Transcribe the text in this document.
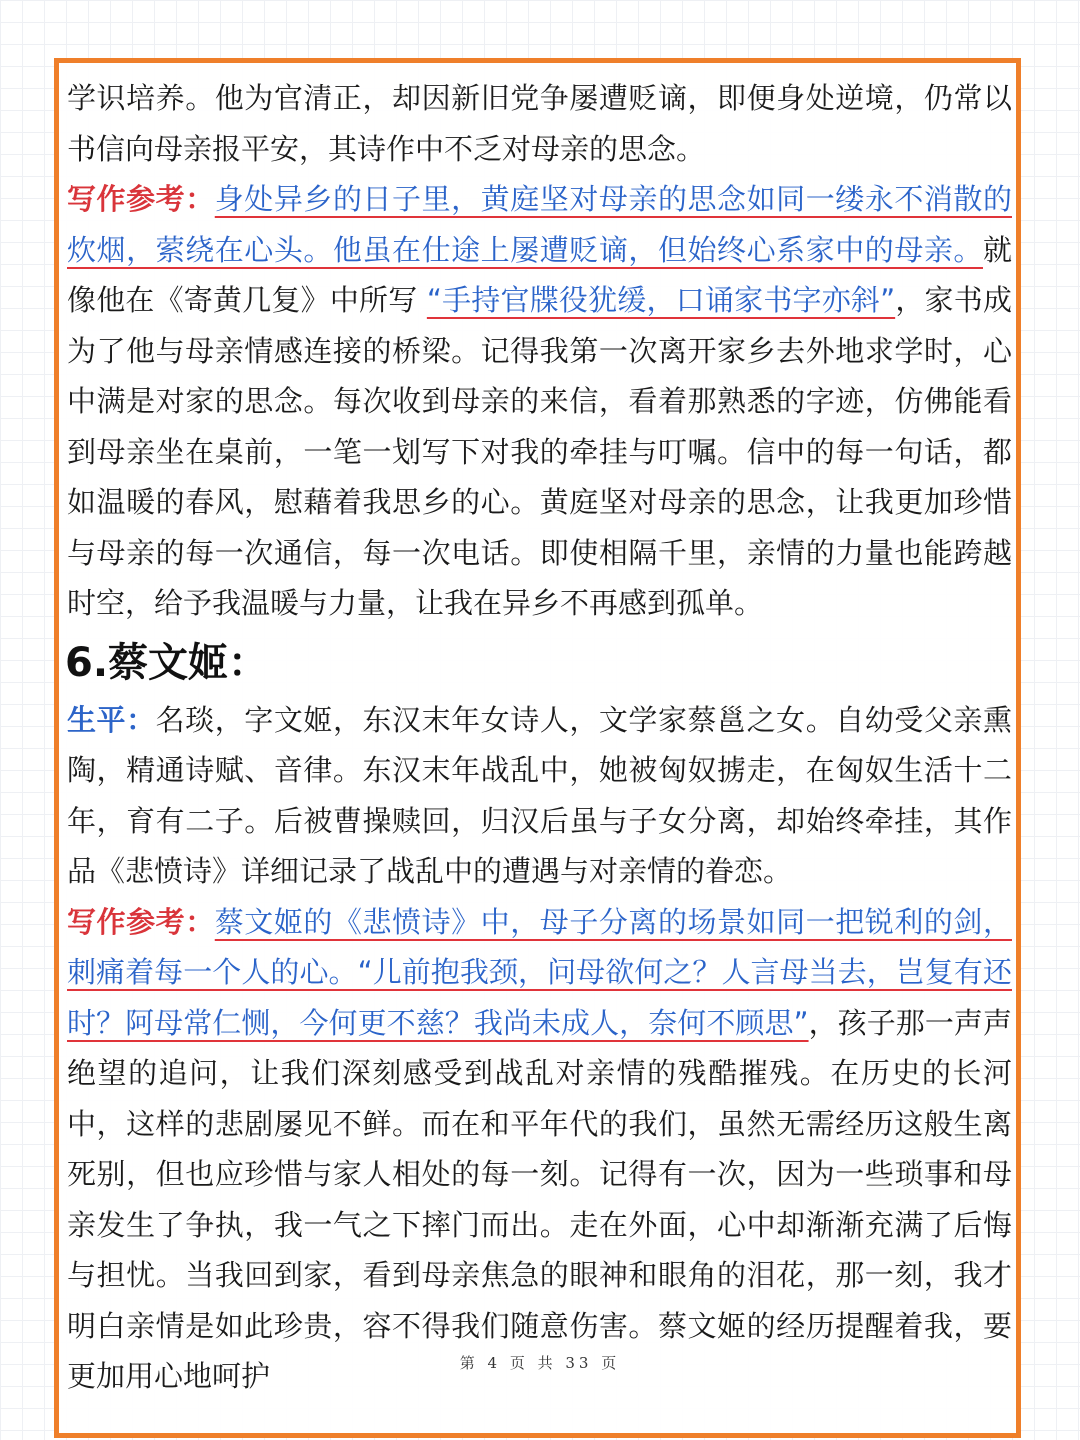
学识培养。他为官清正，却因新旧党争屡遭贬谪，即便身处逆境，仍常以书信向母亲报平安，其诗作中不乏对母亲的思念。

写作参考：身处异乡的日子里，黄庭坚对母亲的思念如同一缕永不消散的炊烟，萦绕在心头。他虽在仕途上屡遭贬谪，但始终心系家中的母亲。就像他在《寄黄几复》中所写 “手持官牒役犹缓，口诵家书字亦斜”，家书成为了他与母亲情感连接的桥梁。记得我第一次离开家乡去外地求学时，心中满是对家的思念。每次收到母亲的来信，看着那熟悉的字迹，仿佛能看到母亲坐在桌前，一笔一划写下对我的牵挂与叮嘱。信中的每一句话，都如温暖的春风，慰藉着我思乡的心。黄庭坚对母亲的思念，让我更加珍惜与母亲的每一次通信，每一次电话。即使相隔千里，亲情的力量也能跨越时空，给予我温暖与力量，让我在异乡不再感到孤单。

6.蔡文姬：

生平：名琰，字文姬，东汉末年女诗人，文学家蔡邕之女。自幼受父亲熏陶，精通诗赋、音律。东汉末年战乱中，她被匈奴掳走，在匈奴生活十二年，育有二子。后被曹操赎回，归汉后虽与子女分离，却始终牵挂，其作品《悲愤诗》详细记录了战乱中的遭遇与对亲情的眷恋。

写作参考：蔡文姬的《悲愤诗》中，母子分离的场景如同一把锐利的剑，刺痛着每一个人的心。“儿前抱我颈，问母欲何之？人言母当去，岂复有还时？阿母常仁恻，今何更不慈？我尚未成人，奈何不顾思”，孩子那一声声绝望的追问，让我们深刻感受到战乱对亲情的残酷摧残。在历史的长河中，这样的悲剧屡见不鲜。而在和平年代的我们，虽然无需经历这般生离死别，但也应珍惜与家人相处的每一刻。记得有一次，因为一些琐事和母亲发生了争执，我一气之下摔门而出。走在外面，心中却渐渐充满了后悔与担忧。当我回到家，看到母亲焦急的眼神和眼角的泪花，那一刻，我才明白亲情是如此珍贵，容不得我们随意伤害。蔡文姬的经历提醒着我，要更加用心地呵护	第 4 页 共 33 页
